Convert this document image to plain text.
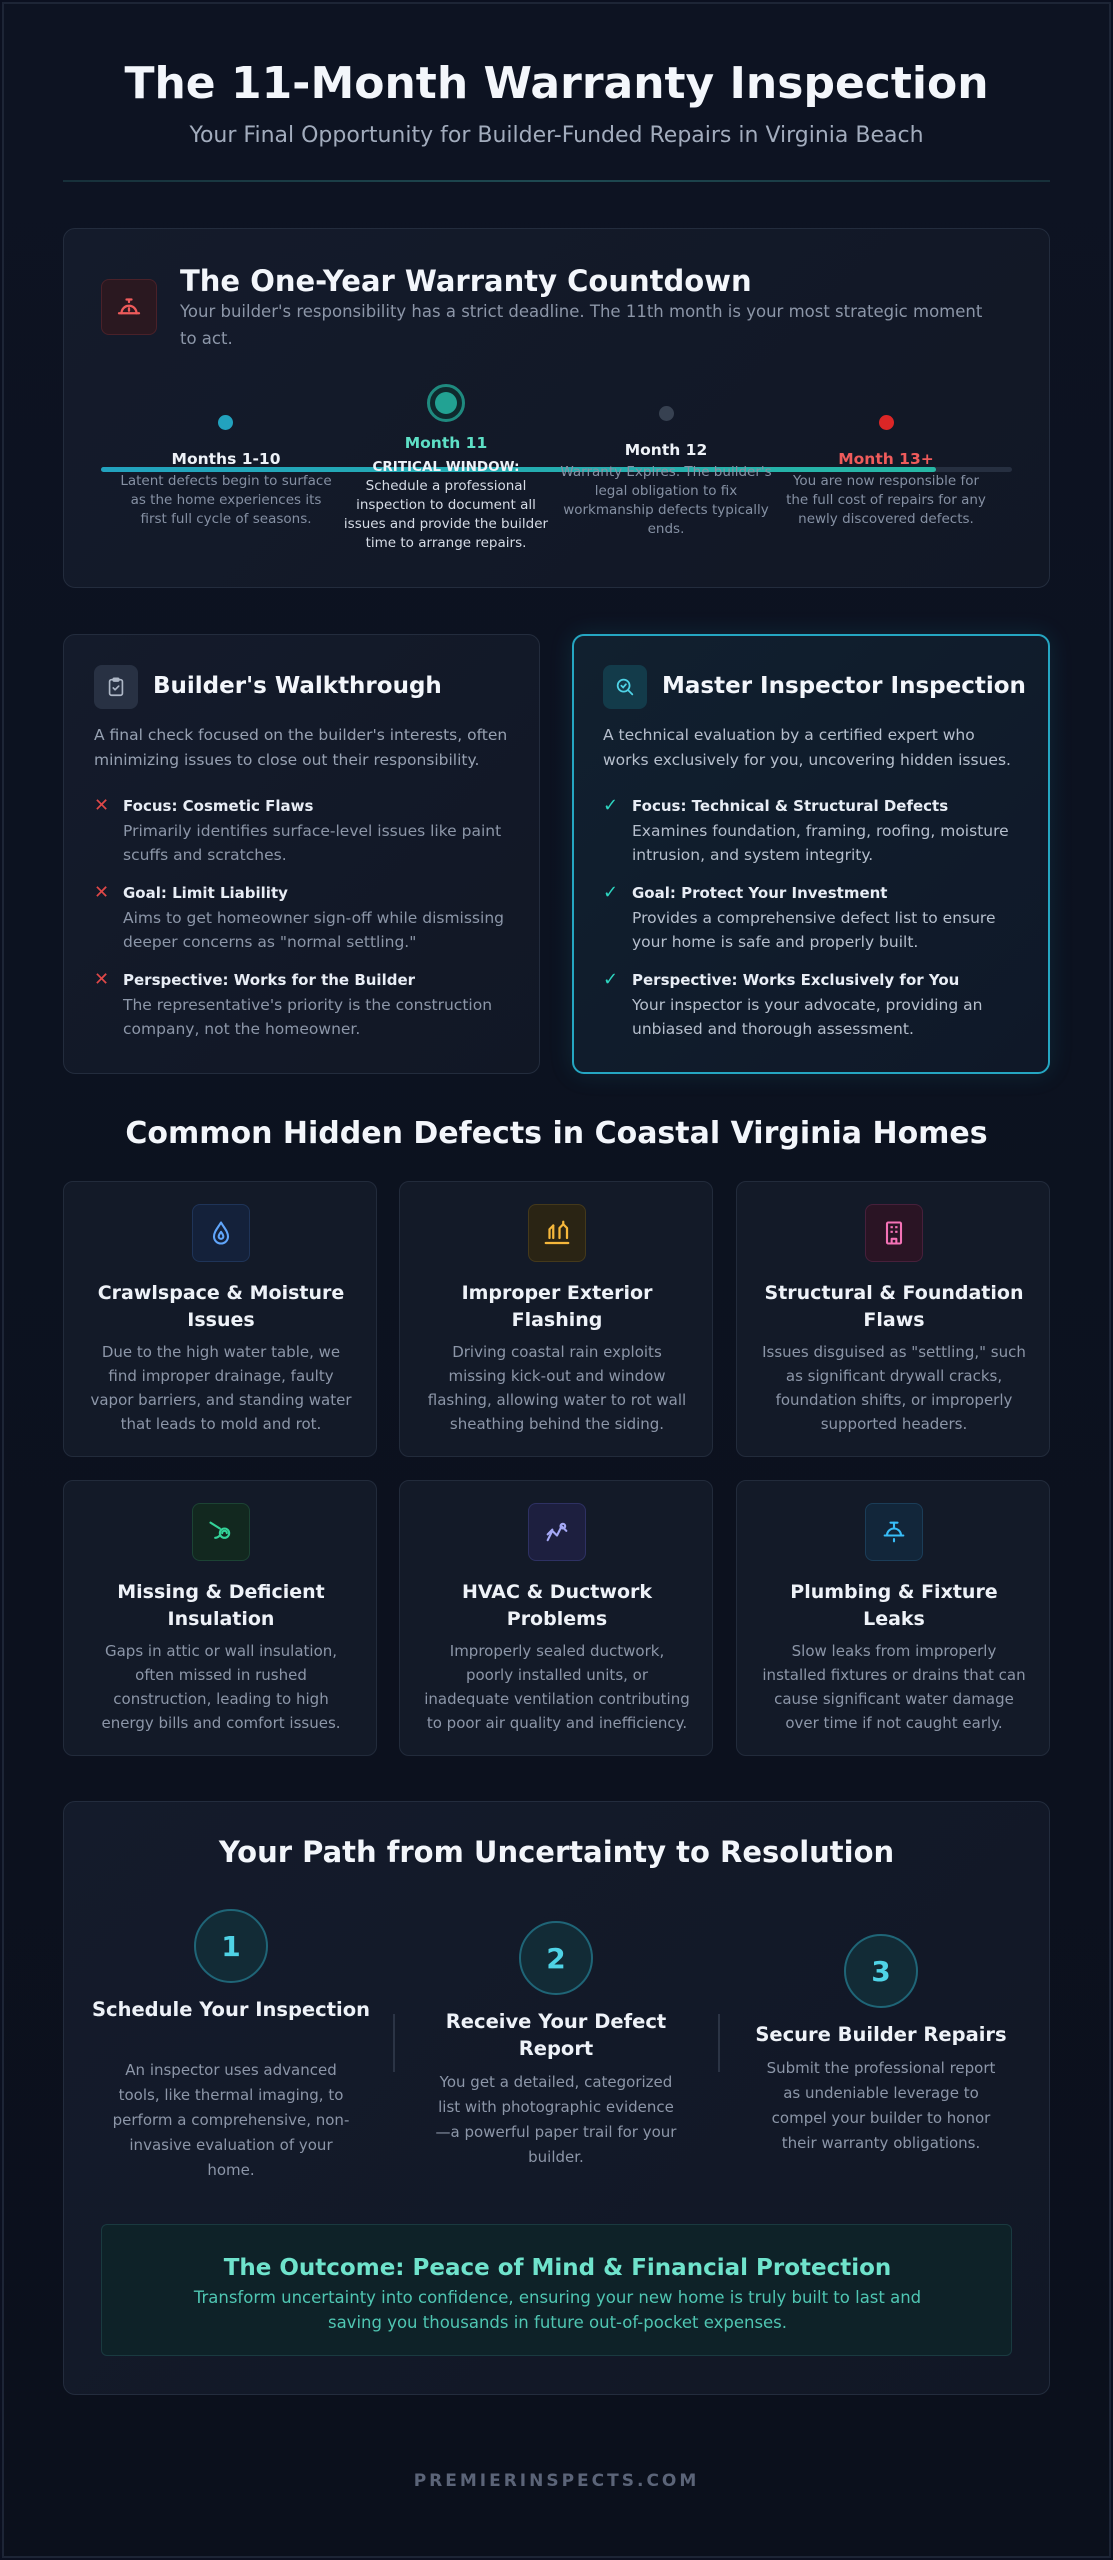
The 11-Month Warranty Inspection
Your Final Opportunity for Builder-Funded Repairs in Virginia Beach
The One-Year Warranty Countdown
Your builder's responsibility has a strict deadline. The 11th month is your most strategic moment to act.
Months 1-10
Latent defects begin to surface as the home experiences its first full cycle of seasons.
Month 11
CRITICAL WINDOW: Schedule a professional inspection to document all issues and provide the builder time to arrange repairs.
Month 12
Warranty Expires. The builder's legal obligation to fix workmanship defects typically ends.
Month 13+
You are now responsible for the full cost of repairs for any newly discovered defects.
Builder's Walkthrough
A final check focused on the builder's interests, often minimizing issues to close out their responsibility.
✕ Focus: Cosmetic Flaws
Primarily identifies surface-level issues like paint scuffs and scratches.
✕ Goal: Limit Liability
Aims to get homeowner sign-off while dismissing deeper concerns as "normal settling."
✕ Perspective: Works for the Builder
The representative's priority is the construction company, not the homeowner.
Master Inspector Inspection
A technical evaluation by a certified expert who works exclusively for you, uncovering hidden issues.
✓ Focus: Technical & Structural Defects
Examines foundation, framing, roofing, moisture intrusion, and system integrity.
✓ Goal: Protect Your Investment
Provides a comprehensive defect list to ensure your home is safe and properly built.
✓ Perspective: Works Exclusively for You
Your inspector is your advocate, providing an unbiased and thorough assessment.
Common Hidden Defects in Coastal Virginia Homes
Crawlspace & Moisture Issues
Due to the high water table, we find improper drainage, faulty vapor barriers, and standing water that leads to mold and rot.
Improper Exterior Flashing
Driving coastal rain exploits missing kick-out and window flashing, allowing water to rot wall sheathing behind the siding.
Structural & Foundation Flaws
Issues disguised as "settling," such as significant drywall cracks, foundation shifts, or improperly supported headers.
Missing & Deficient Insulation
Gaps in attic or wall insulation, often missed in rushed construction, leading to high energy bills and comfort issues.
HVAC & Ductwork Problems
Improperly sealed ductwork, poorly installed units, or inadequate ventilation contributing to poor air quality and inefficiency.
Plumbing & Fixture Leaks
Slow leaks from improperly installed fixtures or drains that can cause significant water damage over time if not caught early.
Your Path from Uncertainty to Resolution
1
Schedule Your Inspection
An inspector uses advanced tools, like thermal imaging, to perform a comprehensive, non-invasive evaluation of your home.
2
Receive Your Defect Report
You get a detailed, categorized list with photographic evidence—a powerful paper trail for your builder.
3
Secure Builder Repairs
Submit the professional report as undeniable leverage to compel your builder to honor their warranty obligations.
The Outcome: Peace of Mind & Financial Protection
Transform uncertainty into confidence, ensuring your new home is truly built to last and saving you thousands in future out-of-pocket expenses.
PREMIERINSPECTS.COM
